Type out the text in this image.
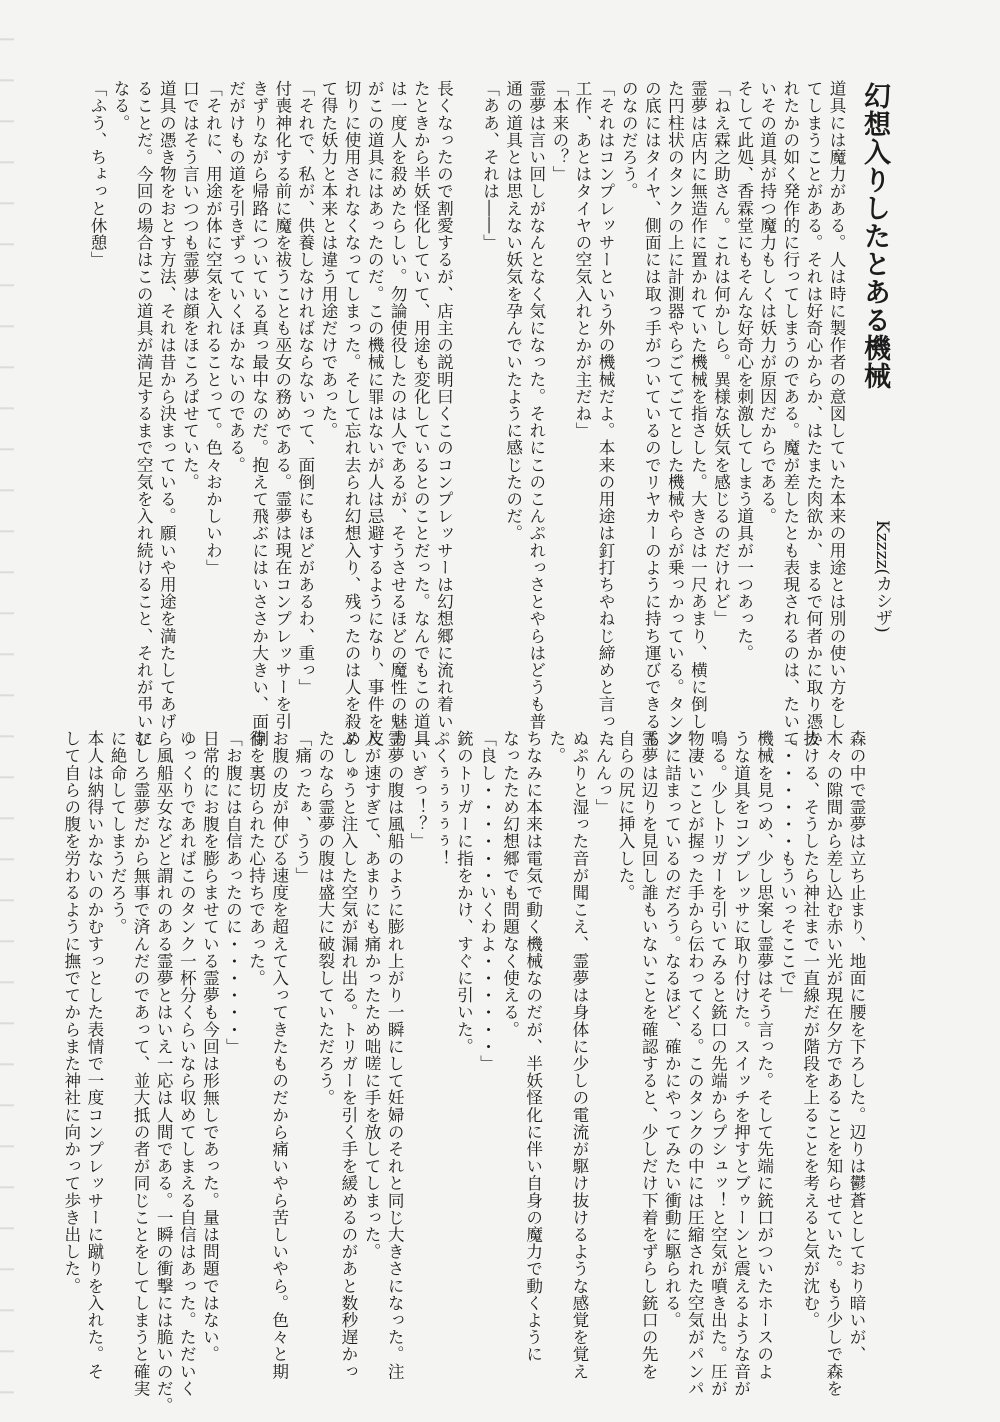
幻想入りしたとある機械
Kzzzz(カシザ)

道具には魔力がある。人は時に製作者の意図していた本来の用途とは別の使い方をし

てしまうことがある。それは好奇心からか、はたまた肉欲か、まるで何者かに取り憑か

れたかの如く発作的に行ってしまうのである。魔が差したとも表現されるのは、たいて

いその道具が持つ魔力もしくは妖力が原因だからである。

そして此処、香霖堂にもそんな好奇心を刺激してしまう道具が一つあった。

「ねえ霖之助さん。これは何かしら。異様な妖気を感じるのだけれど」

霊夢は店内に無造作に置かれていた機械を指さした。大きさは一尺あまり、横に倒し

た円柱状のタンクの上に計測器やらごてごてとした機械やらが乗っかっている。タンク

の底にはタイヤ、側面には取っ手がついているのでリヤカーのように持ち運びできるも

のなのだろう。

「それはコンプレッサーという外の機械だよ。本来の用途は釘打ちやねじ締めと言った

工作、あとはタイヤの空気入れとかが主だね」

「本来の？」

霊夢は言い回しがなんとなく気になった。それにこのこんぷれっさとやらはどうも普

通の道具とは思えない妖気を孕んでいたように感じたのだ。

「ああ、それは――」

長くなったので割愛するが、店主の説明曰くこのコンプレッサーは幻想郷に流れ着い

たときから半妖怪化していて、用途も変化しているとのことだった。なんでもこの道具

は一度人を殺めたらしい。勿論使役したのは人であるが、そうさせるほどの魔性の魅力

がこの道具にはあったのだ。この機械に罪はないが人は忌避するようになり、事件を皮

切りに使用されなくなってしまった。そして忘れ去られ幻想入り、残ったのは人を殺め

て得た妖力と本来とは違う用途だけであった。

「それで、私が、供養しなければならないって、面倒にもほどがあるわ、重っ」

付喪神化する前に魔を祓うことも巫女の務めである。霊夢は現在コンプレッサーを引

きずりながら帰路についている真っ最中なのだ。抱えて飛ぶにはいささか大きい、面倒

だがけもの道を引きずっていくほかないのである。

「それに、用途が体に空気を入れることって。色々おかしいわ」

口ではそう言いつつも霊夢は顔をほころばせていた。

道具の憑き物をおとす方法、それは昔から決まっている。願いや用途を満たしてあげ

ることだ。今回の場合はこの道具が満足するまで空気を入れ続けること、それが弔いに

なる。

「ふう、ちょっと休憩」

森の中で霊夢は立ち止まり、地面に腰を下ろした。辺りは鬱蒼としており暗いが、

木々の隙間から差し込む赤い光が現在夕方であることを知らせていた。もう少しで森を

抜ける、そうしたら神社まで一直線だが階段を上ることを考えると気が沈む。

「・・・・・・もういっそここで」

機械を見つめ、少し思案し霊夢はそう言った。そして先端に銃口がついたホースのよ

うな道具をコンプレッサに取り付けた。スイッチを押すとブゥーンと震えるような音が

鳴る。少しトリガーを引いてみると銃口の先端からプシュッ！と空気が噴き出た。圧が

物凄いことが握った手から伝わってくる。このタンクの中には圧縮された空気がパンパ

ンに詰まっているのだろう。なるほど、確かにやってみたい衝動に駆られる。

霊夢は辺りを見回し誰もいないことを確認すると、少しだけ下着をずらし銃口の先を

自らの尻に挿入した。

「んんっ」

ぬぷりと湿った音が聞こえ、霊夢は身体に少しの電流が駆け抜けるような感覚を覚え

た。

ちなみに本来は電気で動く機械なのだが、半妖怪化に伴い自身の魔力で動くように

なったため幻想郷でも問題なく使える。

「良し・・・・・・いくわよ・・・・・・」

銃のトリガーに指をかけ、すぐに引いた。

ぷくぅぅぅぅぅ！

「いぎっ！？」

霊夢の腹は風船のように膨れ上がり一瞬にして妊婦のそれと同じ大きさになった。注

入が速すぎて、あまりにも痛かったため咄嗟に手を放してしまった。

ぷしゅうと注入した空気が漏れ出る。トリガーを引く手を緩めるのがあと数秒遅かっ

たのなら霊夢の腹は盛大に破裂していただろう。

「痛ったぁ、うう」

お腹の皮が伸びる速度を超えて入ってきたものだから痛いやら苦しいやら。色々と期

待を裏切られた心持ちであった。

「お腹には自信あったのに・・・・・・」

日常的にお腹を膨らませている霊夢も今回は形無しであった。量は問題ではない。

ゆっくりであればこのタンク一杯分くらいなら収めてしまえる自信はあった。ただいく

ら風船巫女などと謂れのある霊夢とはいえ一応は人間である。一瞬の衝撃には脆いのだ。

むしろ霊夢だから無事で済んだのであって、並大抵の者が同じことをしてしまうと確実

に絶命してしまうだろう。

本人は納得いかないのかむすっとした表情で一度コンプレッサーに蹴りを入れた。そ

して自らの腹を労わるように撫でてからまた神社に向かって歩き出した。
